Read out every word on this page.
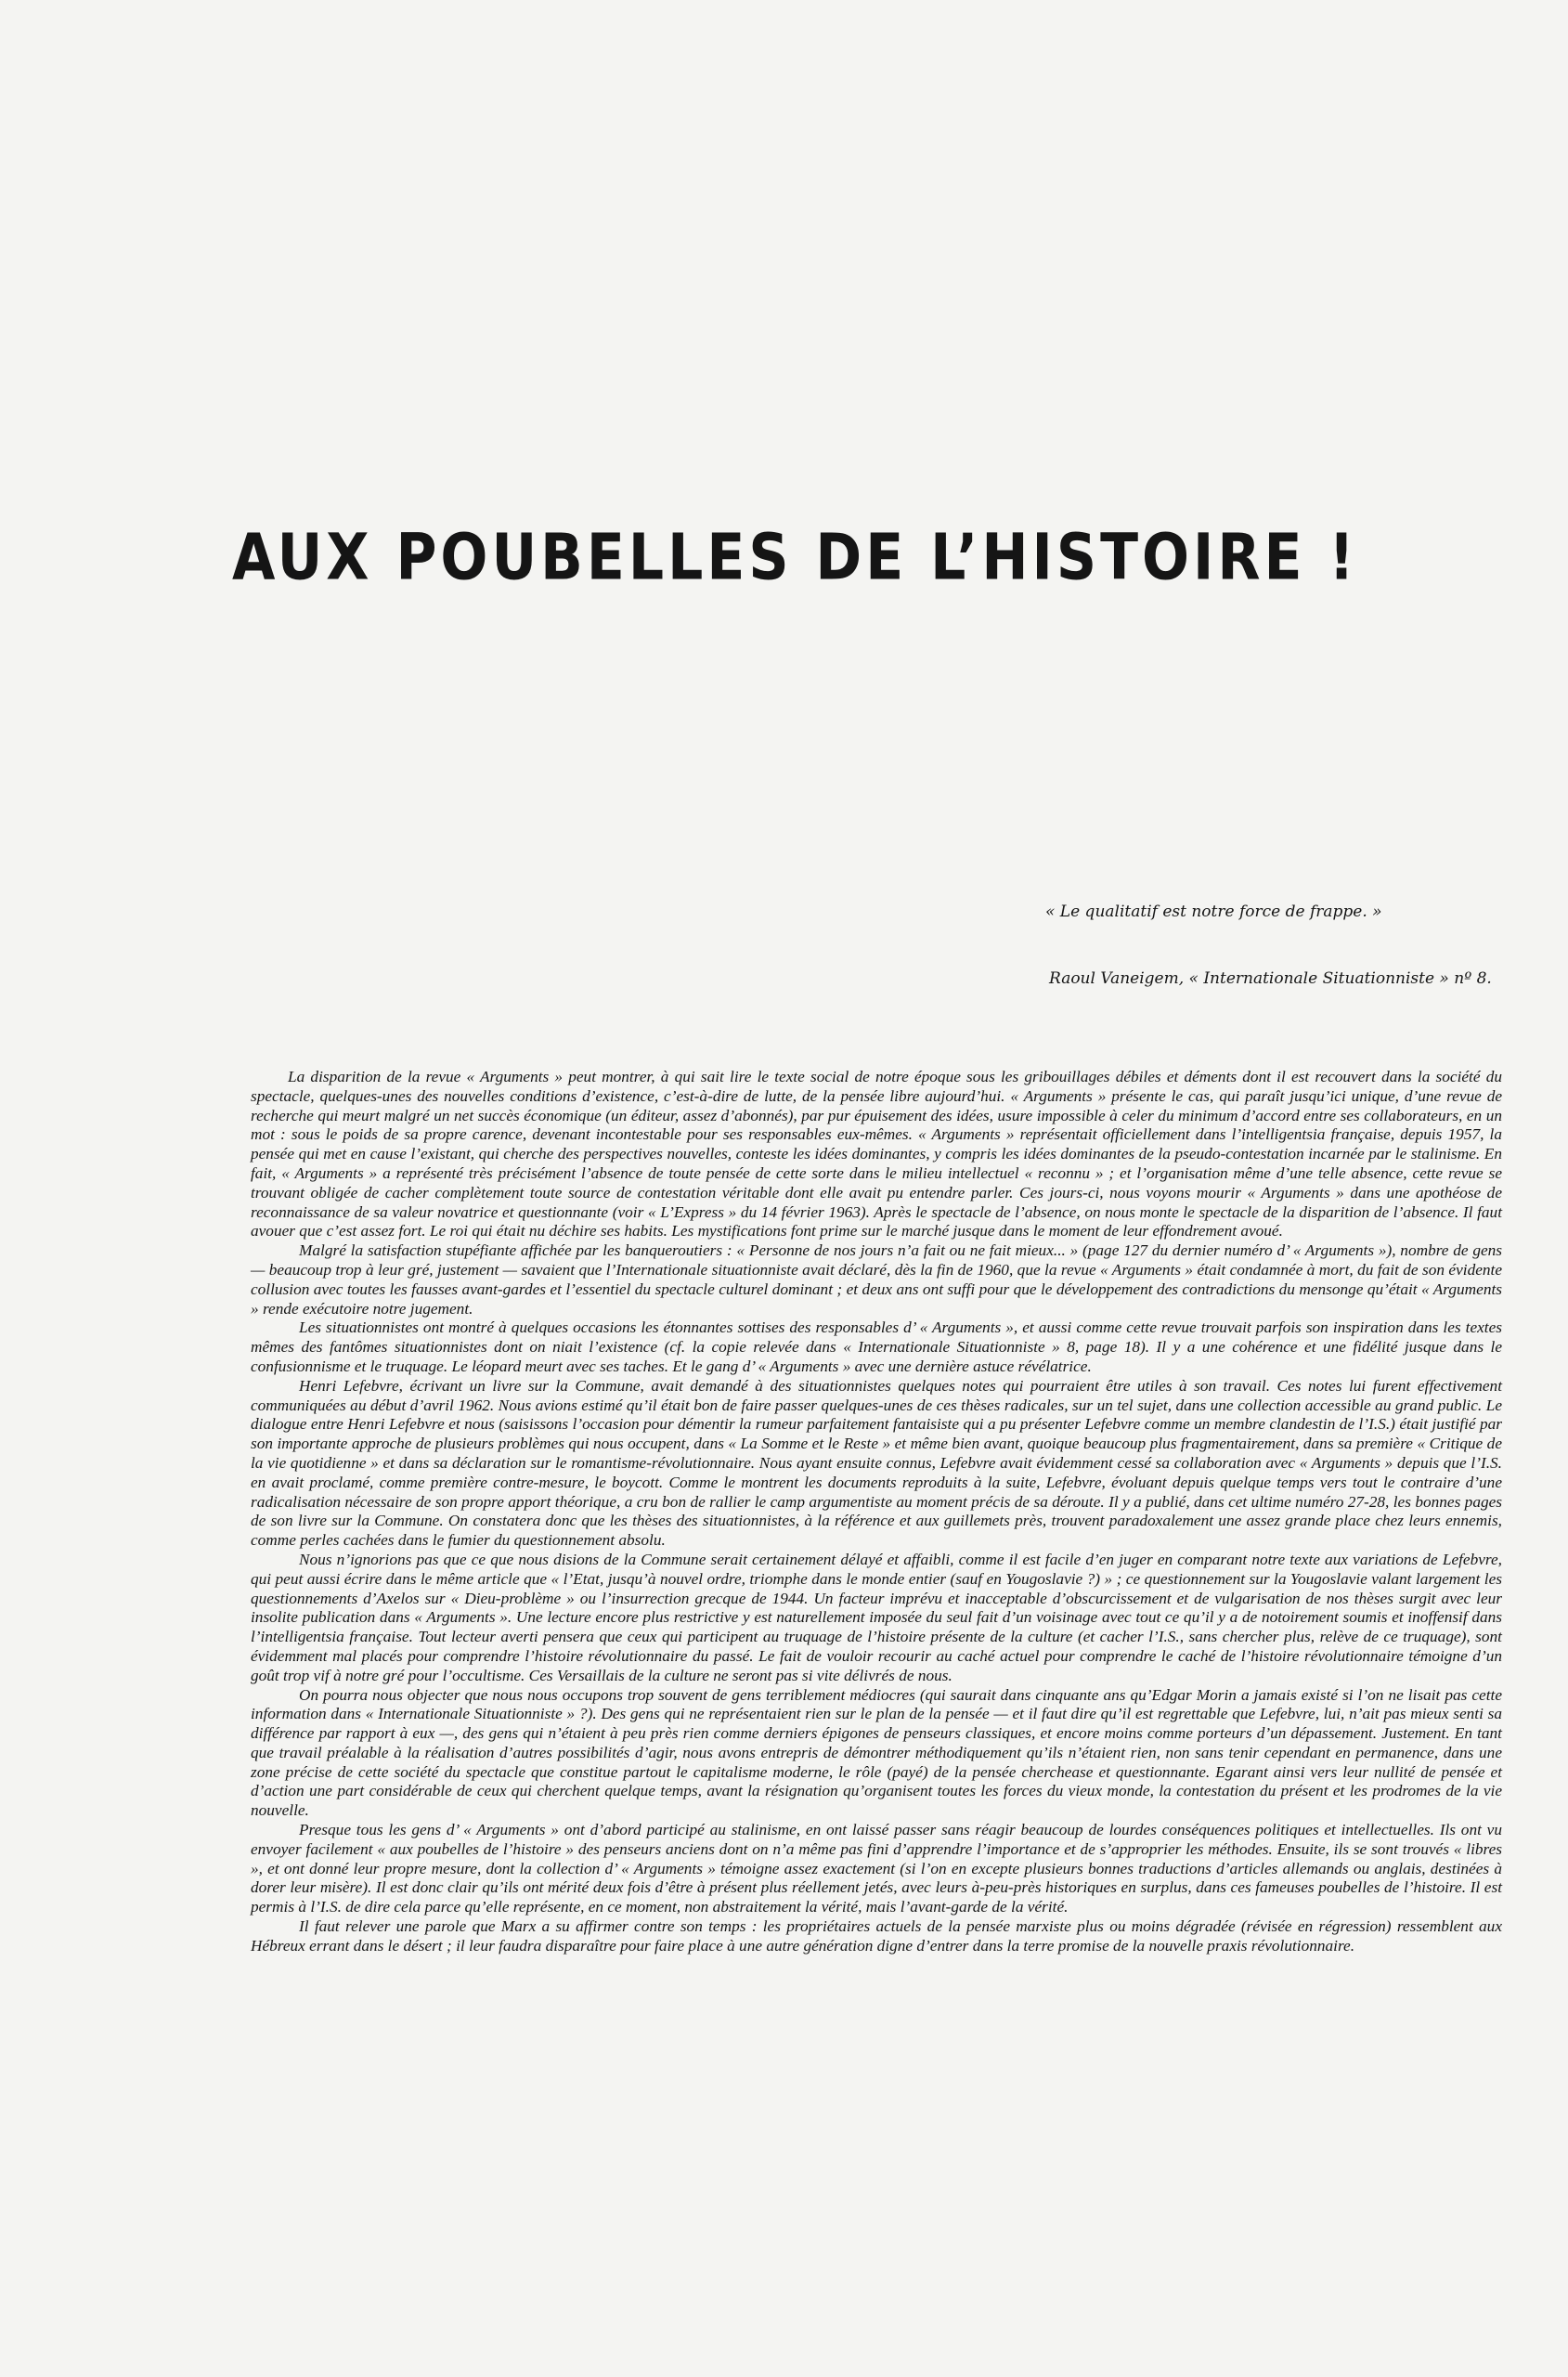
AUX POUBELLES DE L’HISTOIRE !

« Le qualitatif est notre force de frappe. »

Raoul Vaneigem, « Internationale Situationniste » nº 8.

La disparition de la revue « Arguments » peut montrer, à qui sait lire le texte social de notre époque sous les gribouillages débiles et déments dont il est recouvert dans la société du spectacle, quelques-unes des nouvelles conditions d’existence, c’est-à-dire de lutte, de la pensée libre aujourd’hui. « Arguments » présente le cas, qui paraît jusqu’ici unique, d’une revue de recherche qui meurt malgré un net succès économique (un éditeur, assez d’abonnés), par pur épuisement des idées, usure impossible à celer du minimum d’accord entre ses collaborateurs, en un mot : sous le poids de sa propre carence, devenant incontestable pour ses responsables eux-mêmes. « Arguments » représentait officiellement dans l’intelligentsia française, depuis 1957, la pensée qui met en cause l’existant, qui cherche des perspectives nouvelles, conteste les idées dominantes, y compris les idées dominantes de la pseudo-contestation incarnée par le stalinisme. En fait, « Arguments » a représenté très précisément l’absence de toute pensée de cette sorte dans le milieu intellectuel « reconnu » ; et l’organisation même d’une telle absence, cette revue se trouvant obligée de cacher complètement toute source de contestation véritable dont elle avait pu entendre parler. Ces jours-ci, nous voyons mourir « Arguments » dans une apothéose de reconnaissance de sa valeur novatrice et questionnante (voir « L’Express » du 14 février 1963). Après le spectacle de l’absence, on nous monte le spectacle de la disparition de l’absence. Il faut avouer que c’est assez fort. Le roi qui était nu déchire ses habits. Les mystifications font prime sur le marché jusque dans le moment de leur effondrement avoué.

Malgré la satisfaction stupéfiante affichée par les banqueroutiers : « Personne de nos jours n’a fait ou ne fait mieux... » (page 127 du dernier numéro d’ « Arguments »), nombre de gens — beaucoup trop à leur gré, justement — savaient que l’Internationale situationniste avait déclaré, dès la fin de 1960, que la revue « Arguments » était condamnée à mort, du fait de son évidente collusion avec toutes les fausses avant-gardes et l’essentiel du spectacle culturel dominant ; et deux ans ont suffi pour que le développement des contradictions du mensonge qu’était « Arguments » rende exécutoire notre jugement.

Les situationnistes ont montré à quelques occasions les étonnantes sottises des responsables d’ « Arguments », et aussi comme cette revue trouvait parfois son inspiration dans les textes mêmes des fantômes situationnistes dont on niait l’existence (cf. la copie relevée dans « Internationale Situationniste » 8, page 18). Il y a une cohérence et une fidélité jusque dans le confusionnisme et le truquage. Le léopard meurt avec ses taches. Et le gang d’ « Arguments » avec une dernière astuce révélatrice.

Henri Lefebvre, écrivant un livre sur la Commune, avait demandé à des situationnistes quelques notes qui pourraient être utiles à son travail. Ces notes lui furent effectivement communiquées au début d’avril 1962. Nous avions estimé qu’il était bon de faire passer quelques-unes de ces thèses radicales, sur un tel sujet, dans une collection accessible au grand public. Le dialogue entre Henri Lefebvre et nous (saisissons l’occasion pour démentir la rumeur parfaitement fantaisiste qui a pu présenter Lefebvre comme un membre clandestin de l’I.S.) était justifié par son importante approche de plusieurs problèmes qui nous occupent, dans « La Somme et le Reste » et même bien avant, quoique beaucoup plus fragmentairement, dans sa première « Critique de la vie quotidienne » et dans sa déclaration sur le romantisme-révolutionnaire. Nous ayant ensuite connus, Lefebvre avait évidemment cessé sa collaboration avec « Arguments » depuis que l’I.S. en avait proclamé, comme première contre-mesure, le boycott. Comme le montrent les documents reproduits à la suite, Lefebvre, évoluant depuis quelque temps vers tout le contraire d’une radicalisation nécessaire de son propre apport théorique, a cru bon de rallier le camp argumentiste au moment précis de sa déroute. Il y a publié, dans cet ultime numéro 27-28, les bonnes pages de son livre sur la Commune. On constatera donc que les thèses des situationnistes, à la référence et aux guillemets près, trouvent paradoxalement une assez grande place chez leurs ennemis, comme perles cachées dans le fumier du questionnement absolu.

Nous n’ignorions pas que ce que nous disions de la Commune serait certainement délayé et affaibli, comme il est facile d’en juger en comparant notre texte aux variations de Lefebvre, qui peut aussi écrire dans le même article que « l’Etat, jusqu’à nouvel ordre, triomphe dans le monde entier (sauf en Yougoslavie ?) » ; ce questionnement sur la Yougoslavie valant largement les questionnements d’Axelos sur « Dieu-problème » ou l’insurrection grecque de 1944. Un facteur imprévu et inacceptable d’obscurcissement et de vulgarisation de nos thèses surgit avec leur insolite publication dans « Arguments ». Une lecture encore plus restrictive y est naturellement imposée du seul fait d’un voisinage avec tout ce qu’il y a de notoirement soumis et inoffensif dans l’intelligentsia française. Tout lecteur averti pensera que ceux qui participent au truquage de l’histoire présente de la culture (et cacher l’I.S., sans chercher plus, relève de ce truquage), sont évidemment mal placés pour comprendre l’histoire révolutionnaire du passé. Le fait de vouloir recourir au caché actuel pour comprendre le caché de l’histoire révolutionnaire témoigne d’un goût trop vif à notre gré pour l’occultisme. Ces Versaillais de la culture ne seront pas si vite délivrés de nous.

On pourra nous objecter que nous nous occupons trop souvent de gens terriblement médiocres (qui saurait dans cinquante ans qu’Edgar Morin a jamais existé si l’on ne lisait pas cette information dans « Internationale Situationniste » ?). Des gens qui ne représentaient rien sur le plan de la pensée — et il faut dire qu’il est regrettable que Lefebvre, lui, n’ait pas mieux senti sa différence par rapport à eux —, des gens qui n’étaient à peu près rien comme derniers épigones de penseurs classiques, et encore moins comme porteurs d’un dépassement. Justement. En tant que travail préalable à la réalisation d’autres possibilités d’agir, nous avons entrepris de démontrer méthodiquement qu’ils n’étaient rien, non sans tenir cependant en permanence, dans une zone précise de cette société du spectacle que constitue partout le capitalisme moderne, le rôle (payé) de la pensée cherchease et questionnante. Egarant ainsi vers leur nullité de pensée et d’action une part considérable de ceux qui cherchent quelque temps, avant la résignation qu’organisent toutes les forces du vieux monde, la contestation du présent et les prodromes de la vie nouvelle.

Presque tous les gens d’ « Arguments » ont d’abord participé au stalinisme, en ont laissé passer sans réagir beaucoup de lourdes conséquences politiques et intellectuelles. Ils ont vu envoyer facilement « aux poubelles de l’histoire » des penseurs anciens dont on n’a même pas fini d’apprendre l’importance et de s’approprier les méthodes. Ensuite, ils se sont trouvés « libres », et ont donné leur propre mesure, dont la collection d’ « Arguments » témoigne assez exactement (si l’on en excepte plusieurs bonnes traductions d’articles allemands ou anglais, destinées à dorer leur misère). Il est donc clair qu’ils ont mérité deux fois d’être à présent plus réellement jetés, avec leurs à-peu-près historiques en surplus, dans ces fameuses poubelles de l’histoire. Il est permis à l’I.S. de dire cela parce qu’elle représente, en ce moment, non abstraitement la vérité, mais l’avant-garde de la vérité.

Il faut relever une parole que Marx a su affirmer contre son temps : les propriétaires actuels de la pensée marxiste plus ou moins dégradée (révisée en régression) ressemblent aux Hébreux errant dans le désert ; il leur faudra disparaître pour faire place à une autre génération digne d’entrer dans la terre promise de la nouvelle praxis révolutionnaire.
